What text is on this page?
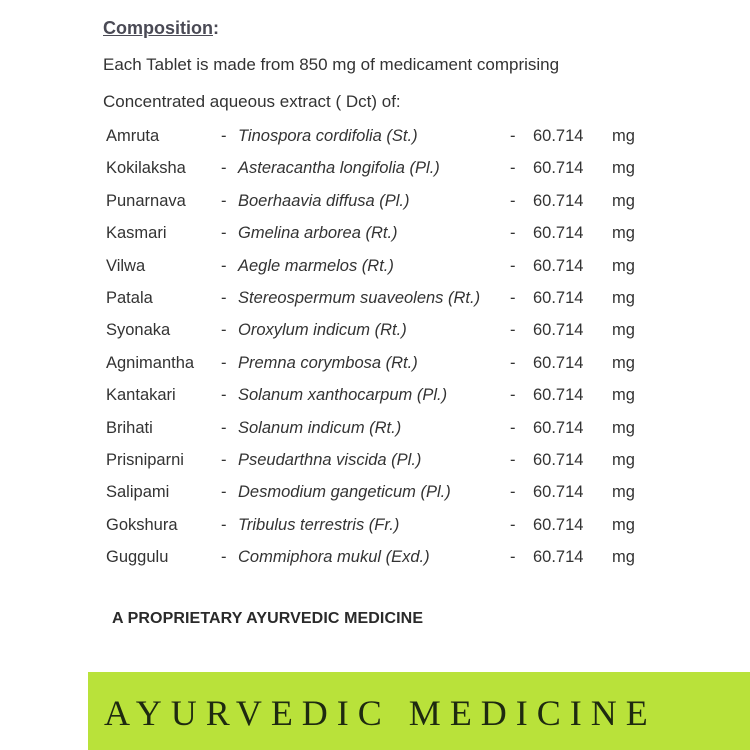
Composition:
Each Tablet is made from 850 mg of medicament comprising
Concentrated aqueous extract ( Dct) of:
Amruta	- Tinospora cordifolia (St.)	- 60.714 mg
Kokilaksha - Asteracantha longifolia (Pl.)	- 60.714 mg
Punarnava - Boerhaavia diffusa (Pl.)	- 60.714 mg
Kasmari	- Gmelina arborea (Rt.)	- 60.714 mg
Vilwa	- Aegle marmelos (Rt.)	- 60.714 mg
Patala	- Stereospermum suaveolens (Rt.) - 60.714 mg
Syonaka	- Oroxylum indicum (Rt.)	- 60.714 mg
Agnimantha - Premna corymbosa (Rt.)	- 60.714 mg
Kantakari	- Solanum xanthocarpum (Pl.)	- 60.714 mg
Brihati	- Solanum indicum (Rt.)	- 60.714 mg
Prisniparni - Pseudarthna viscida (Pl.)	- 60.714 mg
Salipami	- Desmodium gangeticum (Pl.)	- 60.714 mg
Gokshura	- Tribulus terrestris (Fr.)	- 60.714 mg
Guggulu	- Commiphora mukul (Exd.)	- 60.714 mg
A PROPRIETARY AYURVEDIC MEDICINE
AYURVEDIC MEDICINE
